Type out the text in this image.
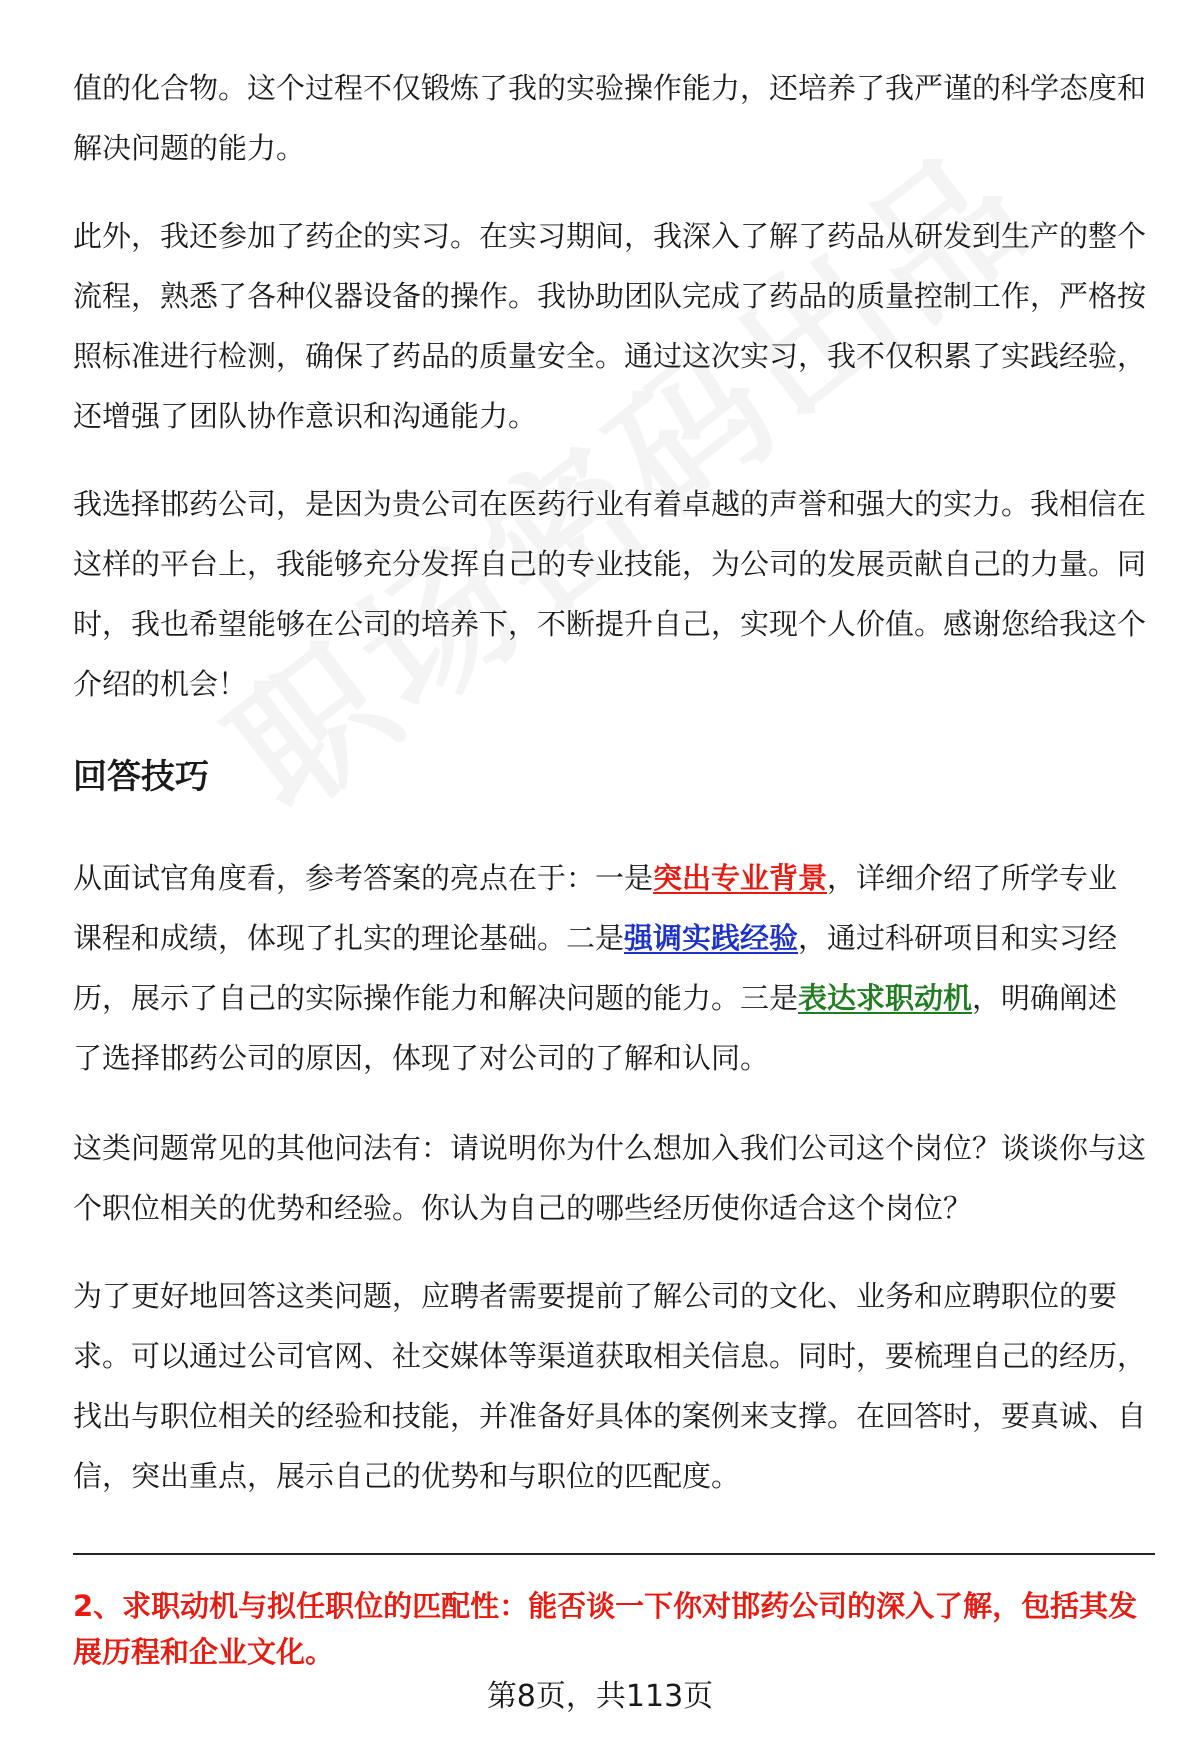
值的化合物。这个过程不仅锻炼了我的实验操作能力，还培养了我严谨的科学态度和解决问题的能力。

此外，我还参加了药企的实习。在实习期间，我深入了解了药品从研发到生产的整个流程，熟悉了各种仪器设备的操作。我协助团队完成了药品的质量控制工作，严格按照标准进行检测，确保了药品的质量安全。通过这次实习，我不仅积累了实践经验，还增强了团队协作意识和沟通能力。

我选择邯药公司，是因为贵公司在医药行业有着卓越的声誉和强大的实力。我相信在这样的平台上，我能够充分发挥自己的专业技能，为公司的发展贡献自己的力量。同时，我也希望能够在公司的培养下，不断提升自己，实现个人价值。感谢您给我这个介绍的机会！

回答技巧

从面试官角度看，参考答案的亮点在于：一是突出专业背景，详细介绍了所学专业课程和成绩，体现了扎实的理论基础。二是强调实践经验，通过科研项目和实习经历，展示了自己的实际操作能力和解决问题的能力。三是表达求职动机，明确阐述了选择邯药公司的原因，体现了对公司的了解和认同。

这类问题常见的其他问法有：请说明你为什么想加入我们公司这个岗位？谈谈你与这个职位相关的优势和经验。你认为自己的哪些经历使你适合这个岗位？

为了更好地回答这类问题，应聘者需要提前了解公司的文化、业务和应聘职位的要求。可以通过公司官网、社交媒体等渠道获取相关信息。同时，要梳理自己的经历，找出与职位相关的经验和技能，并准备好具体的案例来支撑。在回答时，要真诚、自信，突出重点，展示自己的优势和与职位的匹配度。

2、求职动机与拟任职位的匹配性：能否谈一下你对邯药公司的深入了解，包括其发展历程和企业文化。

第8页，共113页
